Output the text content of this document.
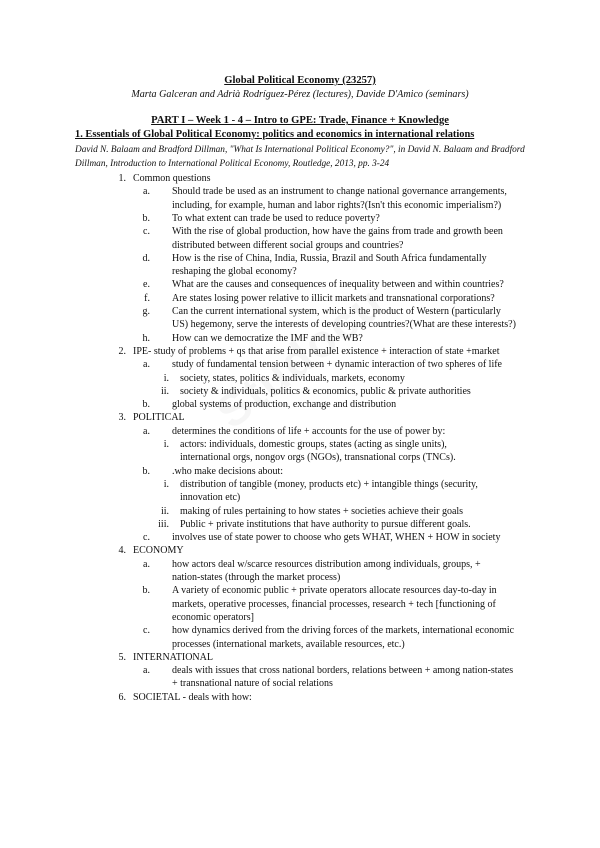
Global Political Economy (23257)
Marta Galceran and Adrià Rodríguez-Pérez (lectures), Davide D'Amico (seminars)
PART I – Week 1 - 4 – Intro to GPE: Trade, Finance + Knowledge
1. Essentials of Global Political Economy: politics and economics in international relations
David N. Balaam and Bradford Dillman, "What Is International Political Economy?", in David N. Balaam and Bradford Dillman, Introduction to International Political Economy, Routledge, 2013, pp. 3-24
1. Common questions
a. Should trade be used as an instrument to change national governance arrangements,
including, for example, human and labor rights?(Isn't this economic imperialism?)
b. To what extent can trade be used to reduce poverty?
c. With the rise of global production, how have the gains from trade and growth been
distributed between different social groups and countries?
d. How is the rise of China, India, Russia, Brazil and South Africa fundamentally
reshaping the global economy?
e. What are the causes and consequences of inequality between and within countries?
f. Are states losing power relative to illicit markets and transnational corporations?
g. Can the current international system, which is the product of Western (particularly
US) hegemony, serve the interests of developing countries?(What are these interests?)
h. How can we democratize the IMF and the WB?
2. IPE- study of problems + qs that arise from parallel existence + interaction of state +market
a. study of fundamental tension between + dynamic interaction of two spheres of life
i. society, states, politics & individuals, markets, economy
ii. society & individuals, politics & economics, public & private authorities
b. global systems of production, exchange and distribution
3. POLITICAL
a. determines the conditions of life + accounts for the use of power by:
i. actors: individuals, domestic groups, states (acting as single units),
international orgs, nongov orgs (NGOs), transnational corps (TNCs).
b. .who make decisions about:
i. distribution of tangible (money, products etc) + intangible things (security,
innovation etc)
ii. making of rules pertaining to how states + societies achieve their goals
iii. Public + private institutions that have authority to pursue different goals.
c. involves use of state power to choose who gets WHAT, WHEN + HOW in society
4. ECONOMY
a. how actors deal w/scarce resources distribution among individuals, groups, +
nation-states (through the market process)
b. A variety of economic public + private operators allocate resources day-to-day in
markets, operative processes, financial processes, research + tech [functioning of
economic operators]
c. how dynamics derived from the driving forces of the markets, international economic
processes (international markets, available resources, etc.)
5. INTERNATIONAL
a. deals with issues that cross national borders, relations between + among nation-states
+ transnational nature of social relations
6. SOCIETAL - deals with how:
